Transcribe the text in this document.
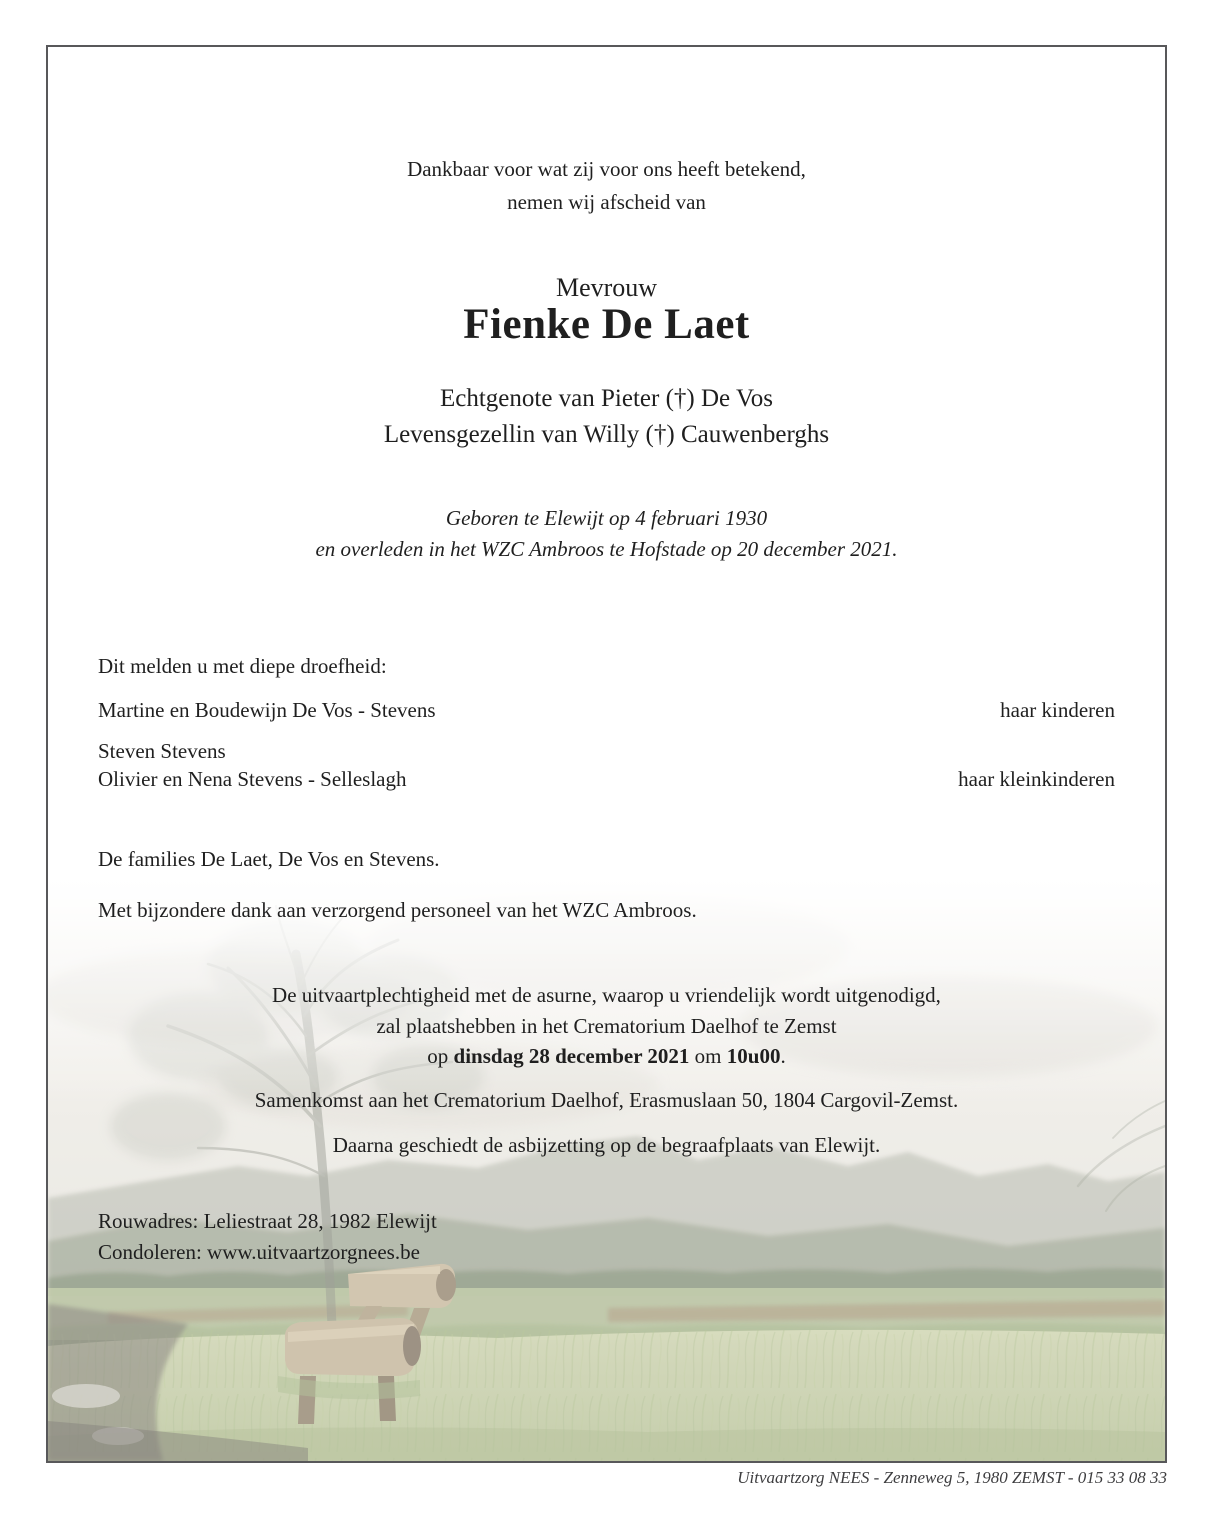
Dankbaar voor wat zij voor ons heeft betekend,
nemen wij afscheid van
Mevrouw
Fienke De Laet
Echtgenote van Pieter (†) De Vos
Levensgezellin van Willy (†) Cauwenberghs
Geboren te Elewijt op 4 februari 1930
en overleden in het WZC Ambroos te Hofstade op 20 december 2021.
Dit melden u met diepe droefheid:
Martine en Boudewijn De Vos - Stevens	haar kinderen
Steven Stevens
Olivier en Nena Stevens - Selleslagh	haar kleinkinderen
De families De Laet, De Vos en Stevens.
Met bijzondere dank aan verzorgend personeel van het WZC Ambroos.
De uitvaartplechtigheid met de asurne, waarop u vriendelijk wordt uitgenodigd,
zal plaatshebben in het Crematorium Daelhof te Zemst
op dinsdag 28 december 2021 om 10u00.
Samenkomst aan het Crematorium Daelhof, Erasmuslaan 50, 1804 Cargovil-Zemst.
Daarna geschiedt de asbijzetting op de begraafplaats van Elewijt.
Rouwadres: Leliestraat 28, 1982 Elewijt
Condoleren: www.uitvaartzorgnees.be
Uitvaartzorg NEES - Zenneweg 5, 1980 ZEMST - 015 33 08 33
